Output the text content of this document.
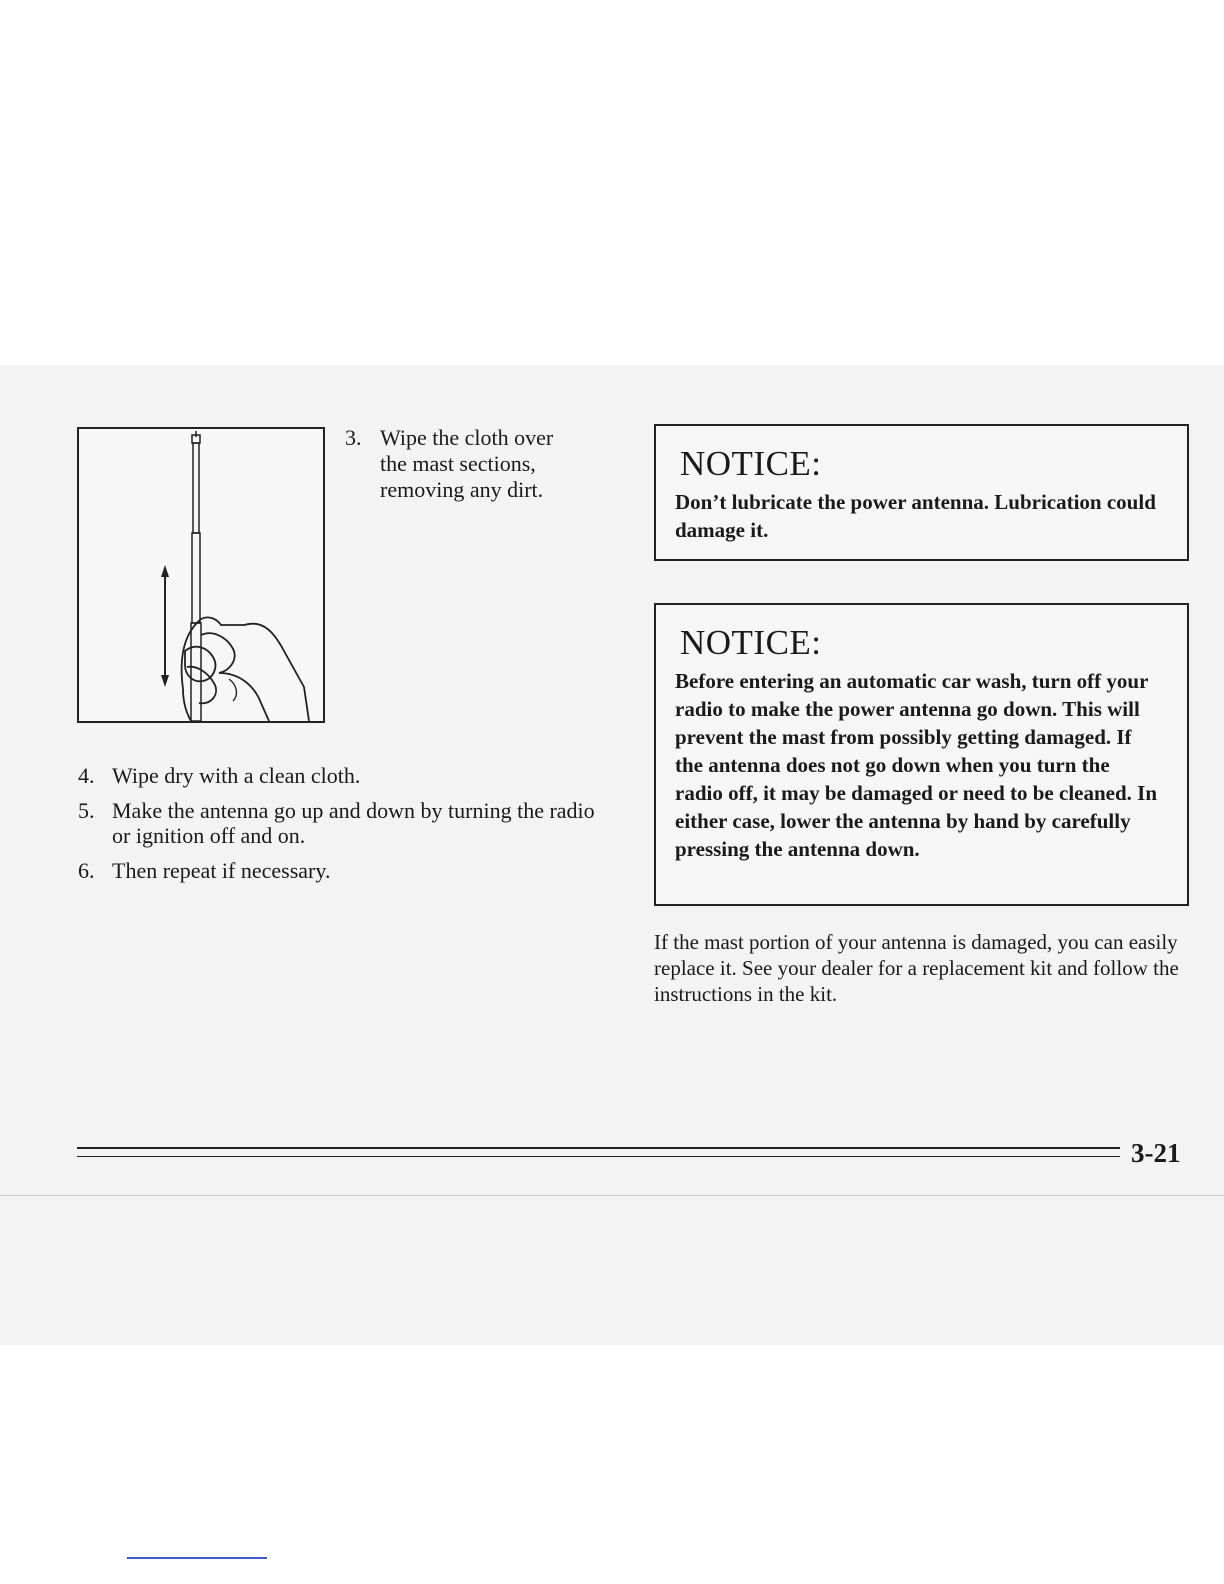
3. Wipe the cloth over the mast sections, removing any dirt.
4. Wipe dry with a clean cloth.
5. Make the antenna go up and down by turning the radio or ignition off and on.
6. Then repeat if necessary.
NOTICE:
Don’t lubricate the power antenna. Lubrication could damage it.
NOTICE:
Before entering an automatic car wash, turn off your radio to make the power antenna go down. This will prevent the mast from possibly getting damaged. If the antenna does not go down when you turn the radio off, it may be damaged or need to be cleaned. In either case, lower the antenna by hand by carefully pressing the antenna down.
If the mast portion of your antenna is damaged, you can easily replace it. See your dealer for a replacement kit and follow the instructions in the kit.
3-21
